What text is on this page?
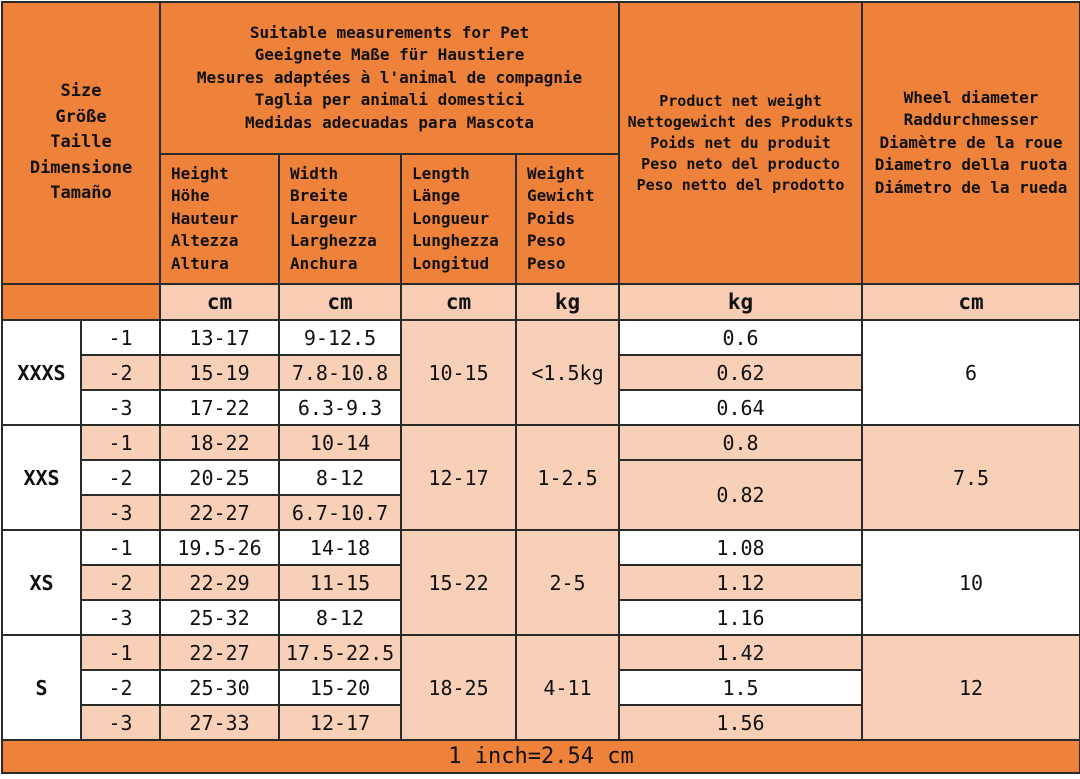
Size
Größe
Taille
Dimensione
Tamaño		Suitable measurements for Pet
Geeignete Maße für Haustiere
Mesures adaptées à l'animal de compagnie
Taglia per animali domestici
Medidas adecuadas para Mascota				Product net weight
Nettogewicht des Produkts
Poids net du produit
Peso neto del producto
Peso netto del prodotto	Wheel diameter
Raddurchmesser
Diamètre de la roue
Diametro della ruota
Diámetro de la rueda

		Height
Höhe
Hauteur
Altezza
Altura	Width
Breite
Largeur
Larghezza
Anchura	Length
Länge
Longueur
Lunghezza
Longitud	Weight
Gewicht
Poids
Peso
Peso		

		cm	cm	cm	kg	kg	cm
XXXS	-1	13-17	9-12.5	10-15	<1.5kg	0.6	6
	-2	15-19	7.8-10.8			0.62	
	-3	17-22	6.3-9.3			0.64	
XXS	-1	18-22	10-14	12-17	1-2.5	0.8	7.5
	-2	20-25	8-12			0.82	
	-3	22-27	6.7-10.7				
XS	-1	19.5-26	14-18	15-22	2-5	1.08	10
	-2	22-29	11-15			1.12	
	-3	25-32	8-12			1.16	
S	-1	22-27	17.5-22.5	18-25	4-11	1.42	12
	-2	25-30	15-20			1.5	
	-3	27-33	12-17			1.56	
1 inch=2.54 cm							
